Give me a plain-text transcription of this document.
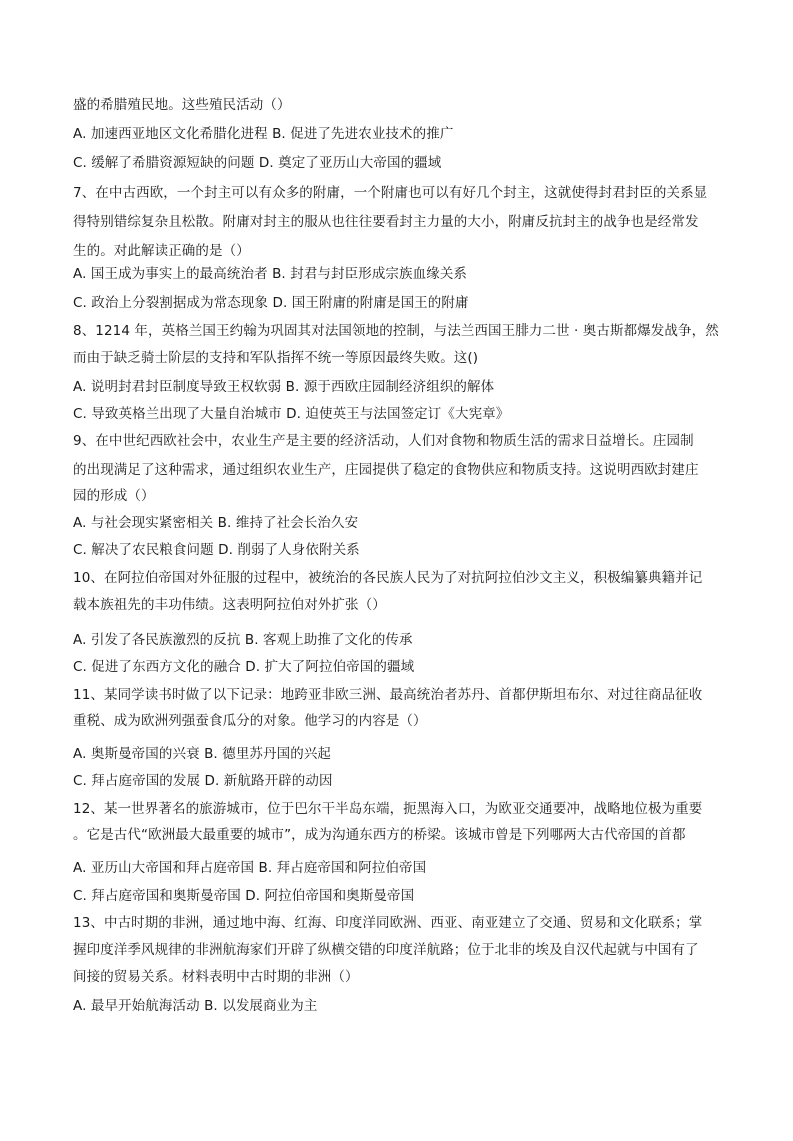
盛的希腊殖民地。这些殖民活动（）
A. 加速西亚地区文化希腊化进程 B. 促进了先进农业技术的推广
C. 缓解了希腊资源短缺的问题 D. 奠定了亚历山大帝国的疆域
7、在中古西欧，一个封主可以有众多的附庸，一个附庸也可以有好几个封主，这就使得封君封臣的关系显
得特别错综复杂且松散。附庸对封主的服从也往往要看封主力量的大小，附庸反抗封主的战争也是经常发
生的。对此解读正确的是（）
A. 国王成为事实上的最高统治者 B. 封君与封臣形成宗族血缘关系
C. 政治上分裂割据成为常态现象 D. 国王附庸的附庸是国王的附庸
8、1214 年，英格兰国王约翰为巩固其对法国领地的控制，与法兰西国王腓力二世 · 奥古斯都爆发战争，然
而由于缺乏骑士阶层的支持和军队指挥不统一等原因最终失败。这()
A. 说明封君封臣制度导致王权软弱 B. 源于西欧庄园制经济组织的解体
C. 导致英格兰出现了大量自治城市 D. 迫使英王与法国签定订《大宪章》
9、在中世纪西欧社会中，农业生产是主要的经济活动，人们对食物和物质生活的需求日益增长。庄园制
的出现满足了这种需求，通过组织农业生产，庄园提供了稳定的食物供应和物质支持。这说明西欧封建庄
园的形成（）
A. 与社会现实紧密相关 B. 维持了社会长治久安
C. 解决了农民粮食问题 D. 削弱了人身依附关系
10、在阿拉伯帝国对外征服的过程中，被统治的各民族人民为了对抗阿拉伯沙文主义，积极编纂典籍并记
载本族祖先的丰功伟绩。这表明阿拉伯对外扩张（）
A. 引发了各民族激烈的反抗 B. 客观上助推了文化的传承
C. 促进了东西方文化的融合 D. 扩大了阿拉伯帝国的疆域
11、某同学读书时做了以下记录：地跨亚非欧三洲、最高统治者苏丹、首都伊斯坦布尔、对过往商品征收
重税、成为欧洲列强蚕食瓜分的对象。他学习的内容是（）
A. 奥斯曼帝国的兴衰 B. 德里苏丹国的兴起
C. 拜占庭帝国的发展 D. 新航路开辟的动因
12、某一世界著名的旅游城市，位于巴尔干半岛东端，扼黑海入口，为欧亚交通要冲，战略地位极为重要
。它是古代“欧洲最大最重要的城市”，成为沟通东西方的桥梁。该城市曾是下列哪两大古代帝国的首都
A. 亚历山大帝国和拜占庭帝国 B. 拜占庭帝国和阿拉伯帝国
C. 拜占庭帝国和奥斯曼帝国 D. 阿拉伯帝国和奥斯曼帝国
13、中古时期的非洲，通过地中海、红海、印度洋同欧洲、西亚、南亚建立了交通、贸易和文化联系；掌
握印度洋季风规律的非洲航海家们开辟了纵横交错的印度洋航路；位于北非的埃及自汉代起就与中国有了
间接的贸易关系。材料表明中古时期的非洲（）
A. 最早开始航海活动 B. 以发展商业为主
